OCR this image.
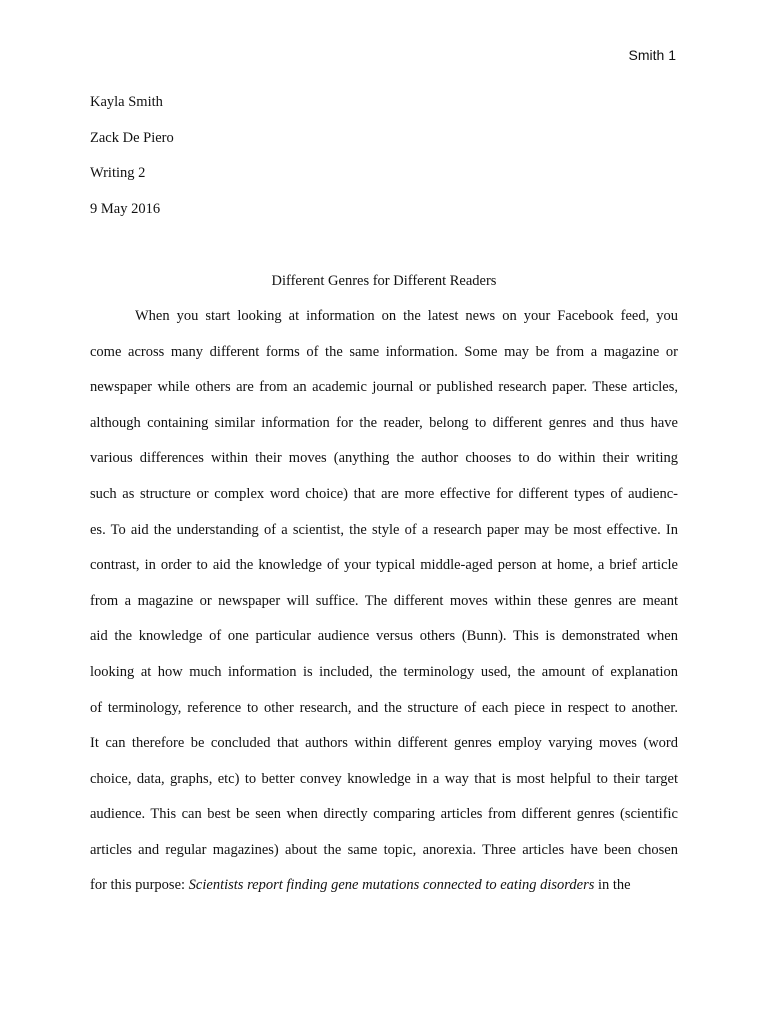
Smith 1
Kayla Smith
Zack De Piero
Writing 2
9 May 2016
Different Genres for Different Readers
When you start looking at information on the latest news on your Facebook feed, you
come across many different forms of the same information. Some may be from a magazine or
newspaper while others are from an academic journal or published research paper. These articles,
although containing similar information for the reader, belong to different genres and thus have
various differences within their moves (anything the author chooses to do within their writing
such as structure or complex word choice) that are more effective for different types of audienc-
es. To aid the understanding of a scientist, the style of a research paper may be most effective. In
contrast, in order to aid the knowledge of your typical middle-aged person at home, a brief article
from a magazine or newspaper will suffice. The different moves within these genres are meant
aid the knowledge of one particular audience versus others (Bunn). This is demonstrated when
looking at how much information is included, the terminology used, the amount of explanation
of terminology, reference to other research, and the structure of each piece in respect to another.
It can therefore be concluded that authors within different genres employ varying moves (word
choice, data, graphs, etc) to better convey knowledge in a way that is most helpful to their target
audience. This can best be seen when directly comparing articles from different genres (scientific
articles and regular magazines) about the same topic, anorexia. Three articles have been chosen
for this purpose: Scientists report finding gene mutations connected to eating disorders in the
